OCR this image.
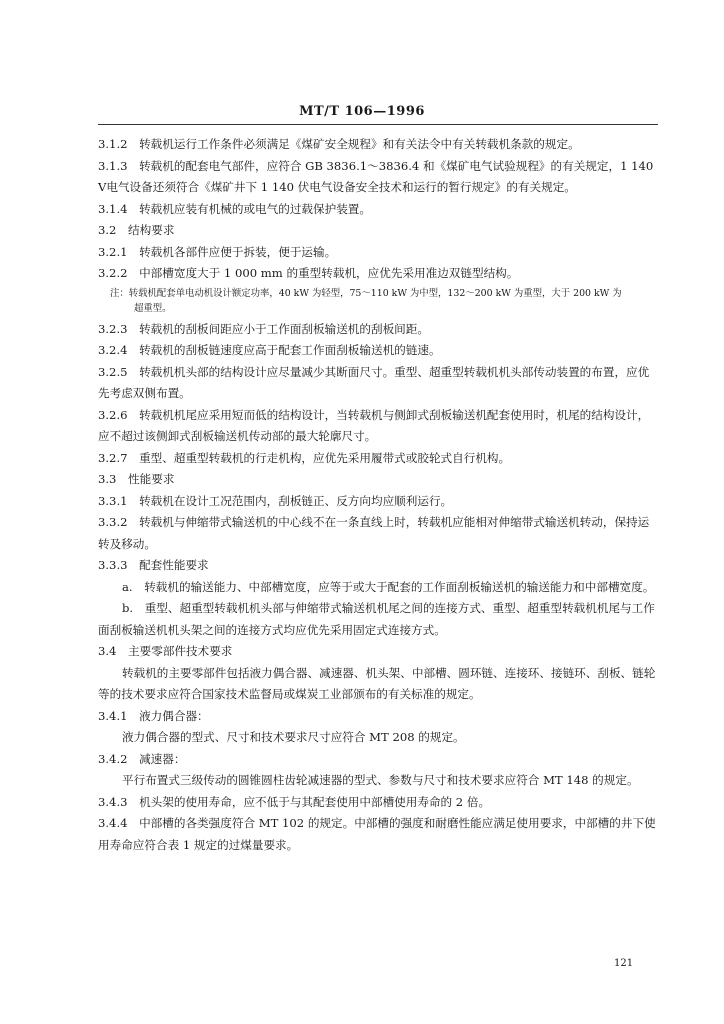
MT/T 106—1996

3.1.2　转载机运行工作条件必须满足《煤矿安全规程》和有关法令中有关转载机条款的规定。

3.1.3　转载机的配套电气部件，应符合 GB 3836.1～3836.4 和《煤矿电气试验规程》的有关规定，1 140 V电气设备还须符合《煤矿井下 1 140 伏电气设备安全技术和运行的暂行规定》的有关规定。

3.1.4　转载机应装有机械的或电气的过载保护装置。

3.2　结构要求

3.2.1　转载机各部件应便于拆装，便于运输。

3.2.2　中部槽宽度大于 1 000 mm 的重型转载机，应优先采用准边双链型结构。

注：转载机配套单电动机设计额定功率，40 kW 为轻型，75～110 kW 为中型，132～200 kW 为重型，大于 200 kW 为
超重型。

3.2.3　转载机的刮板间距应小于工作面刮板输送机的刮板间距。

3.2.4　转载机的刮板链速度应高于配套工作面刮板输送机的链速。

3.2.5　转载机机头部的结构设计应尽量减少其断面尺寸。重型、超重型转载机机头部传动装置的布置，应优先考虑双侧布置。

3.2.6　转载机机尾应采用短而低的结构设计，当转载机与侧卸式刮板输送机配套使用时，机尾的结构设计，应不超过该侧卸式刮板输送机传动部的最大轮廓尺寸。

3.2.7　重型、超重型转载机的行走机构，应优先采用履带式或胶轮式自行机构。

3.3　性能要求

3.3.1　转载机在设计工况范围内，刮板链正、反方向均应顺利运行。

3.3.2　转载机与伸缩带式输送机的中心线不在一条直线上时，转载机应能相对伸缩带式输送机转动，保持运转及移动。

3.3.3　配套性能要求

a.　转载机的输送能力、中部槽宽度，应等于或大于配套的工作面刮板输送机的输送能力和中部槽宽度。

b.　重型、超重型转载机机头部与伸缩带式输送机机尾之间的连接方式、重型、超重型转载机机尾与工作面刮板输送机机头架之间的连接方式均应优先采用固定式连接方式。

3.4　主要零部件技术要求

转载机的主要零部件包括液力偶合器、减速器、机头架、中部槽、圆环链、连接环、接链环、刮板、链轮等的技术要求应符合国家技术监督局或煤炭工业部颁布的有关标准的规定。

3.4.1　液力偶合器：

液力偶合器的型式、尺寸和技术要求尺寸应符合 MT 208 的规定。

3.4.2　减速器：

平行布置式三级传动的圆锥圆柱齿轮减速器的型式、参数与尺寸和技术要求应符合 MT 148 的规定。

3.4.3　机头架的使用寿命，应不低于与其配套使用中部槽使用寿命的 2 倍。

3.4.4　中部槽的各类强度符合 MT 102 的规定。中部槽的强度和耐磨性能应满足使用要求，中部槽的井下使用寿命应符合表 1 规定的过煤量要求。

121
